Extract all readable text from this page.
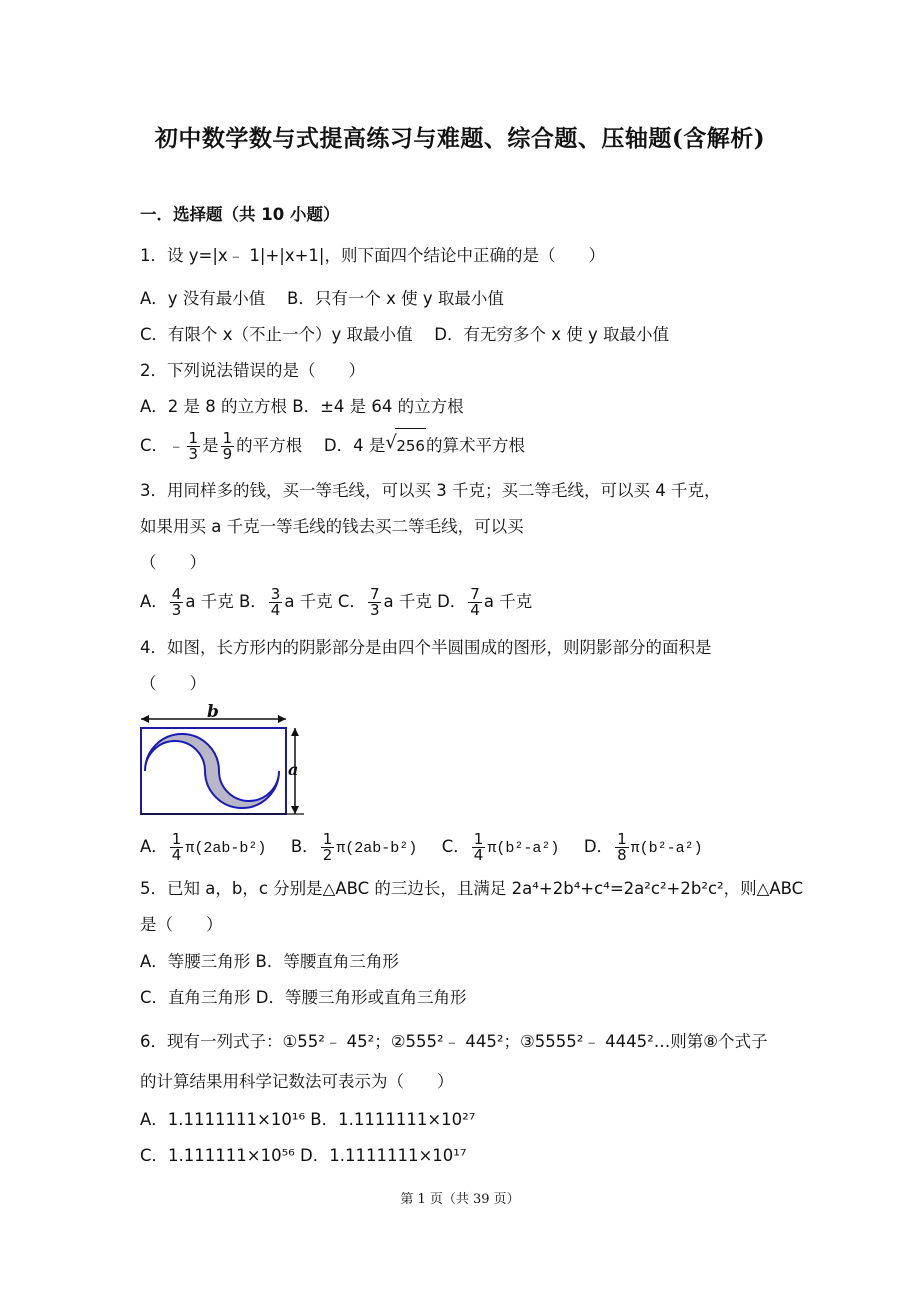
初中数学数与式提高练习与难题、综合题、压轴题(含解析)
一．选择题（共 10 小题）
1．设 y=|x﹣ 1|+|x+1|，则下面四个结论中正确的是（　　）
A．y 没有最小值　 B．只有一个 x 使 y 取最小值
C．有限个 x（不止一个）y 取最小值　 D．有无穷多个 x 使 y 取最小值
2．下列说法错误的是（　　）
A．2 是 8 的立方根 B．±4 是 64 的立方根
C．﹣ $\frac{1}{3}$ 是 $\frac{1}{9}$ 的平方根　 D．4 是 √ 256的算术平方根
3．用同样多的钱，买一等毛线，可以买 3 千克；买二等毛线，可以买 4 千克，
如果用买 a 千克一等毛线的钱去买二等毛线，可以买
（　　）
A． $\frac{4}{3}$ a 千克 B． $\frac{3}{4}$ a 千克 C． $\frac{7}{3}$ a 千克 D． $\frac{7}{4}$ a 千克
4．如图，长方形内的阴影部分是由四个半圆围成的图形，则阴影部分的面积是
（　　）
b
a
A． $\frac{1}{4} \pi(2ab-b^2)$ B． $\frac{1}{2} \pi(2ab-b^2)$ C． $\frac{1}{4} \pi(b^2-a^2)$ D． $\frac{1}{8} \pi(b^2-a^2)$
5．已知 a，b，c 分别是△ABC 的三边长，且满足 2a⁴+2b⁴+c⁴=2a²c²+2b²c²，则△ABC
是（　　）
A．等腰三角形 B．等腰直角三角形
C．直角三角形 D．等腰三角形或直角三角形
6．现有一列式子：①55²﹣ 45²；②555²﹣ 445²；③5555²﹣ 4445²…则第⑧个式子
的计算结果用科学记数法可表示为（　　）
A．1.1111111×10¹⁶ B．1.1111111×10²⁷
C．1.111111×10⁵⁶ D．1.1111111×10¹⁷
第 1 页（共 39 页）
